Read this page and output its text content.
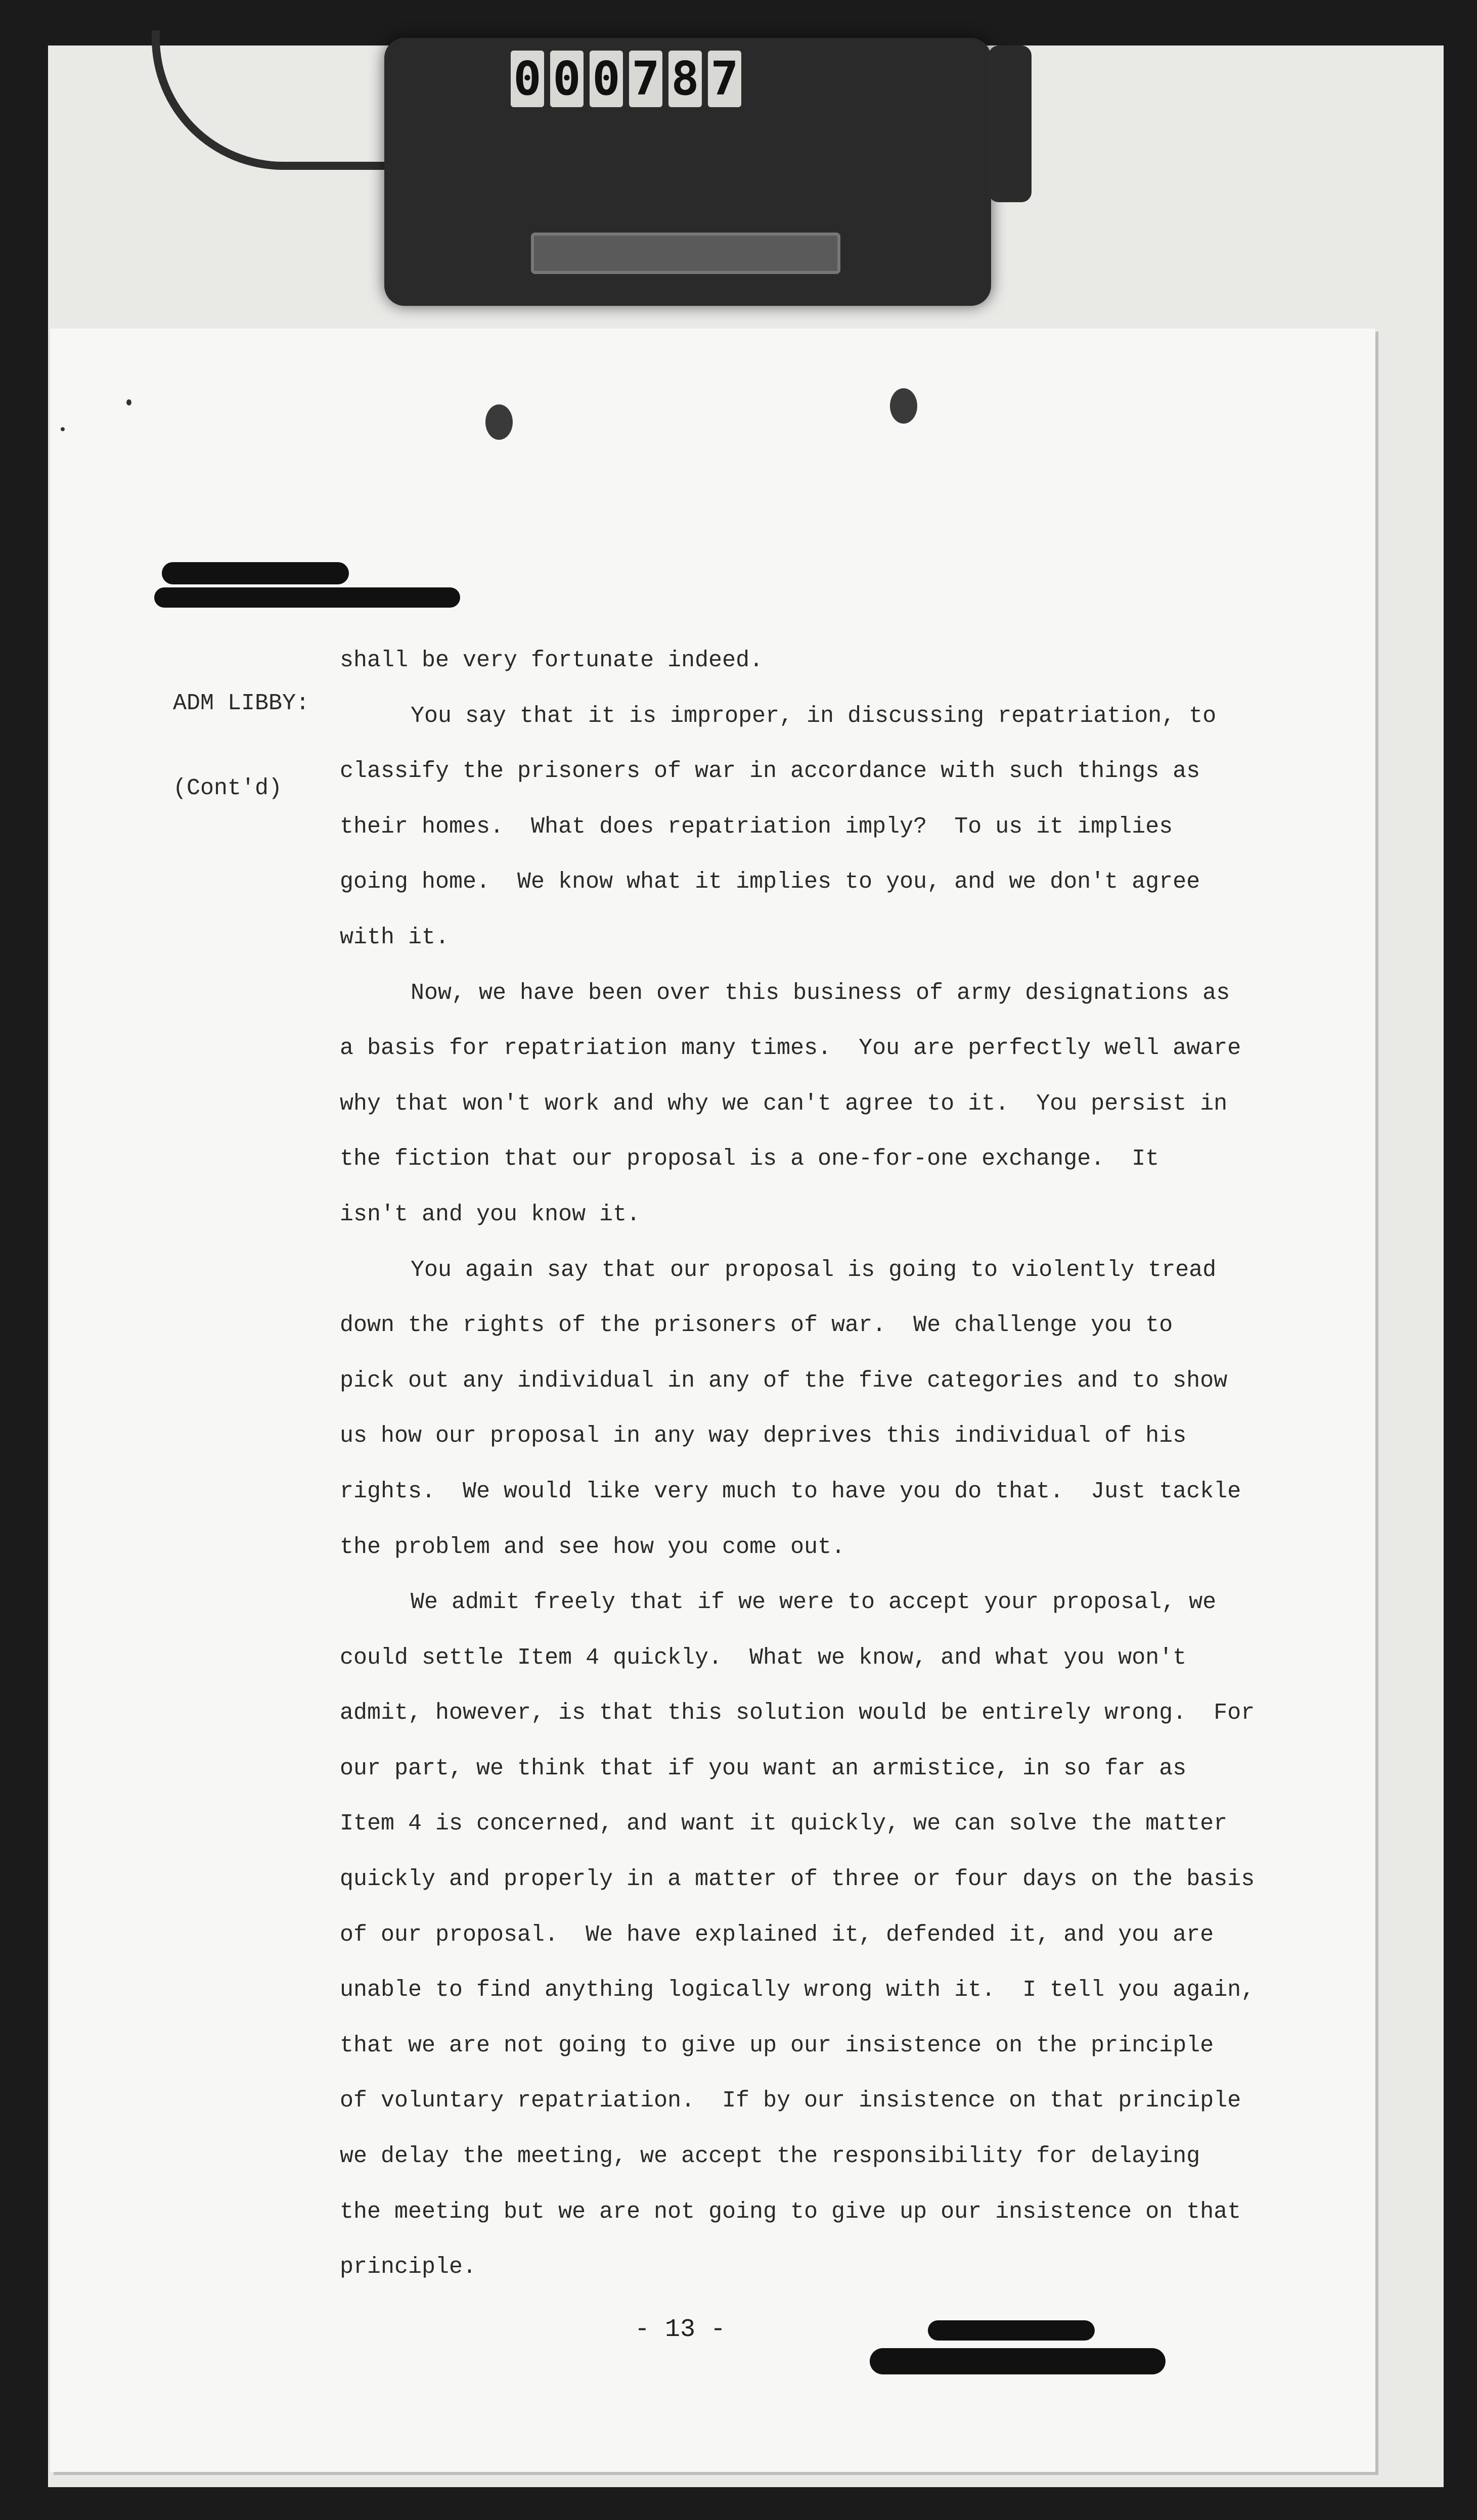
0 0 0 7 8 7

ADM LIBBY:

(Cont'd)

shall be very fortunate indeed.
You say that it is improper, in discussing repatriation, to
classify the prisoners of war in accordance with such things as
their homes.  What does repatriation imply?  To us it implies
going home.  We know what it implies to you, and we don't agree
with it.
Now, we have been over this business of army designations as
a basis for repatriation many times.  You are perfectly well aware
why that won't work and why we can't agree to it.  You persist in
the fiction that our proposal is a one-for-one exchange.  It
isn't and you know it.
You again say that our proposal is going to violently tread
down the rights of the prisoners of war.  We challenge you to
pick out any individual in any of the five categories and to show
us how our proposal in any way deprives this individual of his
rights.  We would like very much to have you do that.  Just tackle
the problem and see how you come out.
We admit freely that if we were to accept your proposal, we
could settle Item 4 quickly.  What we know, and what you won't
admit, however, is that this solution would be entirely wrong.  For
our part, we think that if you want an armistice, in so far as
Item 4 is concerned, and want it quickly, we can solve the matter
quickly and properly in a matter of three or four days on the basis
of our proposal.  We have explained it, defended it, and you are
unable to find anything logically wrong with it.  I tell you again,
that we are not going to give up our insistence on the principle
of voluntary repatriation.  If by our insistence on that principle
we delay the meeting, we accept the responsibility for delaying
the meeting but we are not going to give up our insistence on that
principle.
- 13 -
